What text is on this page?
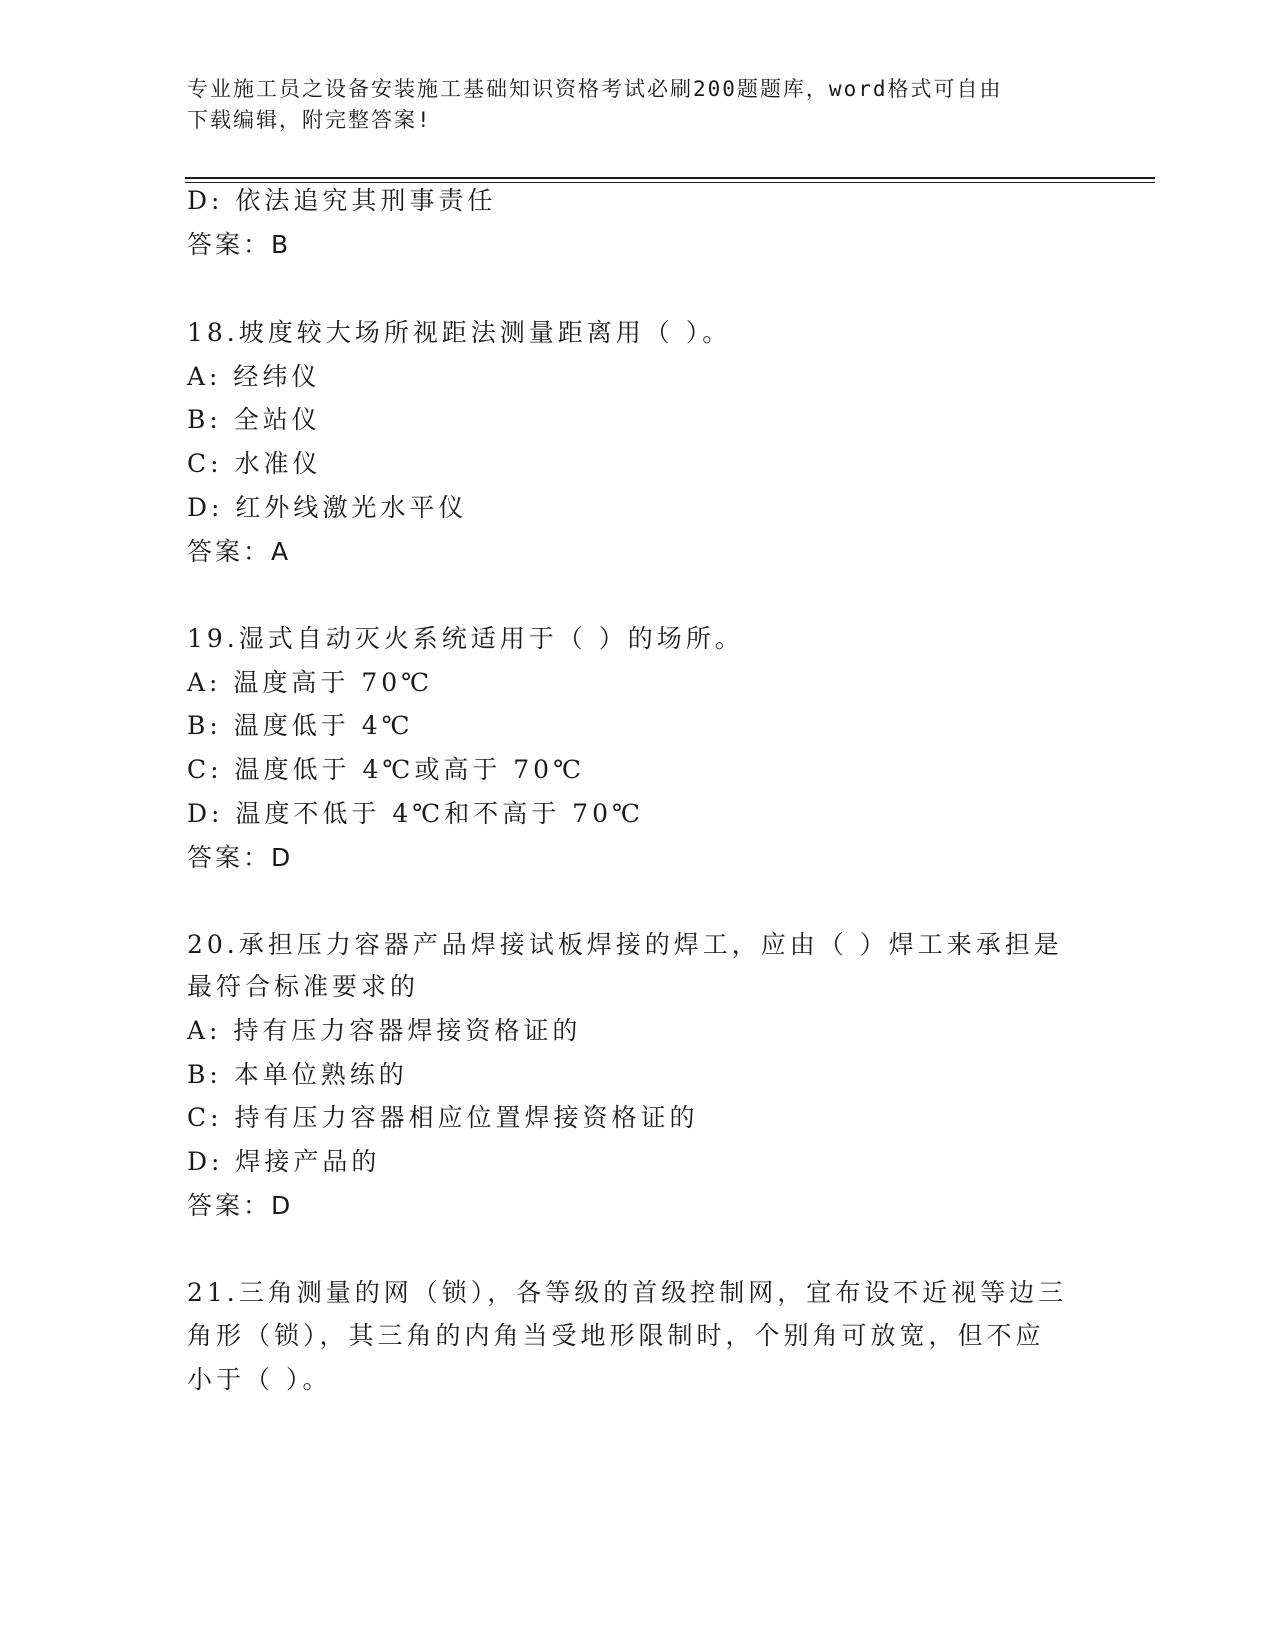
专业施工员之设备安装施工基础知识资格考试必刷200题题库，word格式可自由
下载编辑，附完整答案!
D: 依法追究其刑事责任
答案：B
18.坡度较大场所视距法测量距离用（ ）。
A: 经纬仪
B: 全站仪
C: 水准仪
D: 红外线激光水平仪
答案：A
19.湿式自动灭火系统适用于（ ）的场所。
A: 温度高于 70℃
B: 温度低于 4℃
C: 温度低于 4℃或高于 70℃
D: 温度不低于 4℃和不高于 70℃
答案：D
20.承担压力容器产品焊接试板焊接的焊工，应由（ ）焊工来承担是
最符合标准要求的
A: 持有压力容器焊接资格证的
B: 本单位熟练的
C: 持有压力容器相应位置焊接资格证的
D: 焊接产品的
答案：D
21.三角测量的网（锁），各等级的首级控制网，宜布设不近视等边三
角形（锁），其三角的内角当受地形限制时，个别角可放宽，但不应
小于（ ）。
